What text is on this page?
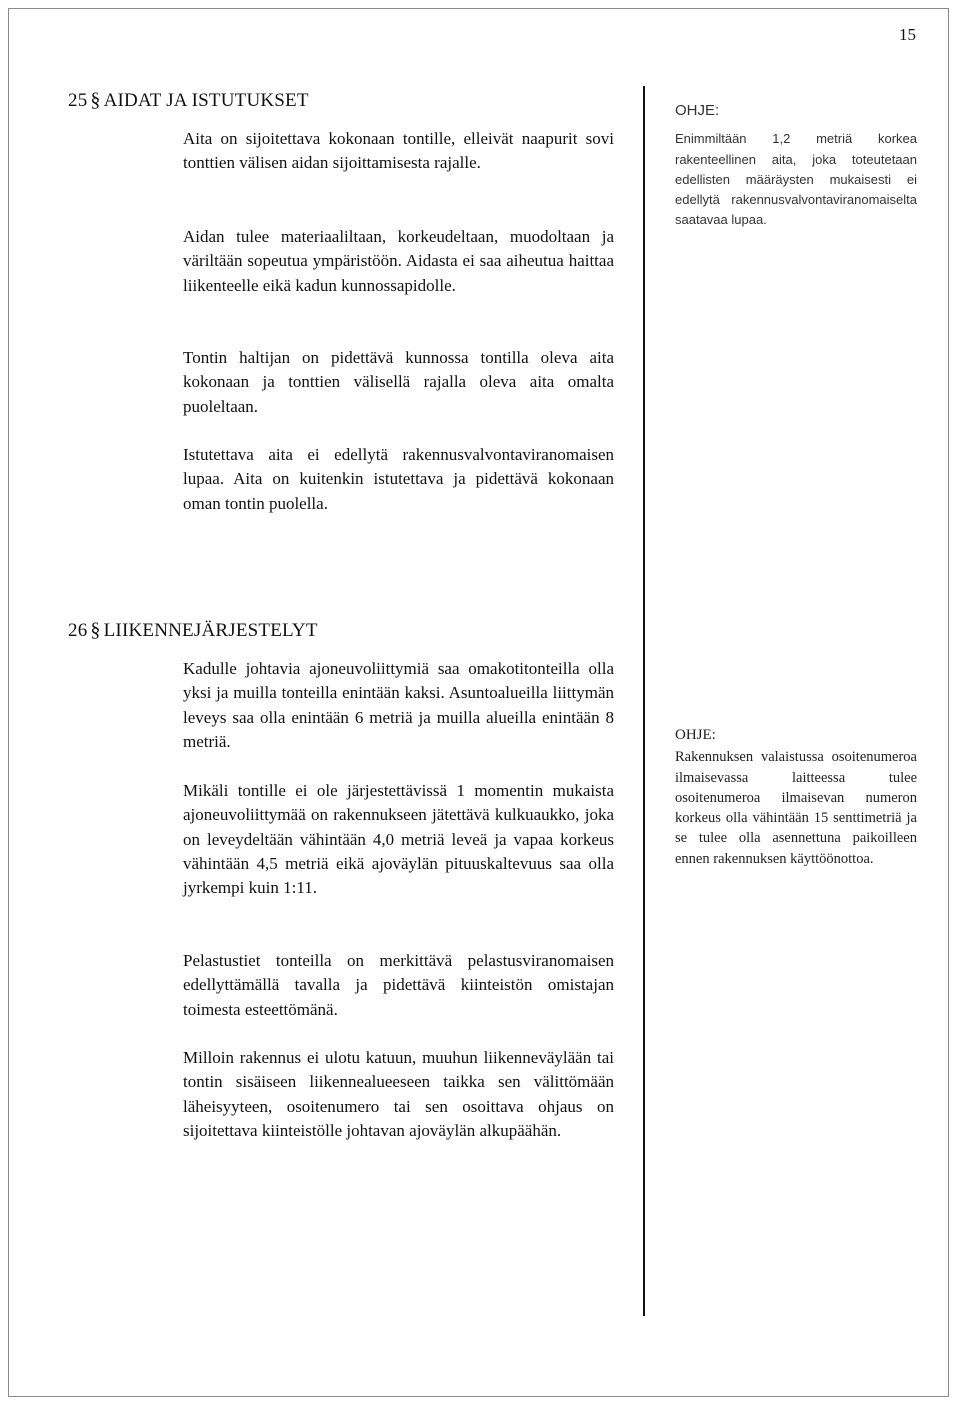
15
25 § AIDAT JA ISTUTUKSET

Aita on sijoitettava kokonaan tontille, elleivät naapurit sovi tonttien välisen aidan sijoittamisesta rajalle.

Aidan tulee materiaaliltaan, korkeudeltaan, muodoltaan ja väriltään sopeutua ympäristöön. Aidasta ei saa aiheutua haittaa liikenteelle eikä kadun kunnossapidolle.

Tontin haltijan on pidettävä kunnossa tontilla oleva aita kokonaan ja tonttien välisellä rajalla oleva aita omalta puoleltaan.

Istutettava aita ei edellytä rakennusvalvontaviranomaisen lupaa. Aita on kuitenkin istutettava ja pidettävä kokonaan oman tontin puolella.

OHJE:
Enimmiltään 1,2 metriä korkea rakenteellinen aita, joka toteutetaan edellisten määräysten mukaisesti ei edellytä rakennusvalvontaviranomaiselta saatavaa lupaa.
26 § LIIKENNEJÄRJESTELYT

Kadulle johtavia ajoneuvoliittymiä saa omakotitonteilla olla yksi ja muilla tonteilla enintään kaksi. Asuntoalueilla liittymän leveys saa olla enintään 6 metriä ja muilla alueilla enintään 8 metriä.

Mikäli tontille ei ole järjestettävissä 1 momentin mukaista ajoneuvoliittymää on rakennukseen jätettävä kulkuaukko, joka on leveydeltään vähintään 4,0 metriä leveä ja vapaa korkeus vähintään 4,5 metriä eikä ajoväylän pituuskaltevuus saa olla jyrkempi kuin 1:11.

Pelastustiet tonteilla on merkittävä pelastusviranomaisen edellyttämällä tavalla ja pidettävä kiinteistön omistajan toimesta esteettömänä.

Milloin rakennus ei ulotu katuun, muuhun liikenneväylään tai tontin sisäiseen liikennealueeseen taikka sen välittömään läheisyyteen, osoitenumero tai sen osoittava ohjaus on sijoitettava kiinteistölle johtavan ajoväylän alkupäähän.

OHJE:
Rakennuksen valaistussa osoitenumeroa ilmaisevassa laitteessa tulee osoitenumeroa ilmaisevan numeron korkeus olla vähintään 15 senttimetriä ja se tulee olla asennettuna paikoilleen ennen rakennuksen käyttöönottoa.
